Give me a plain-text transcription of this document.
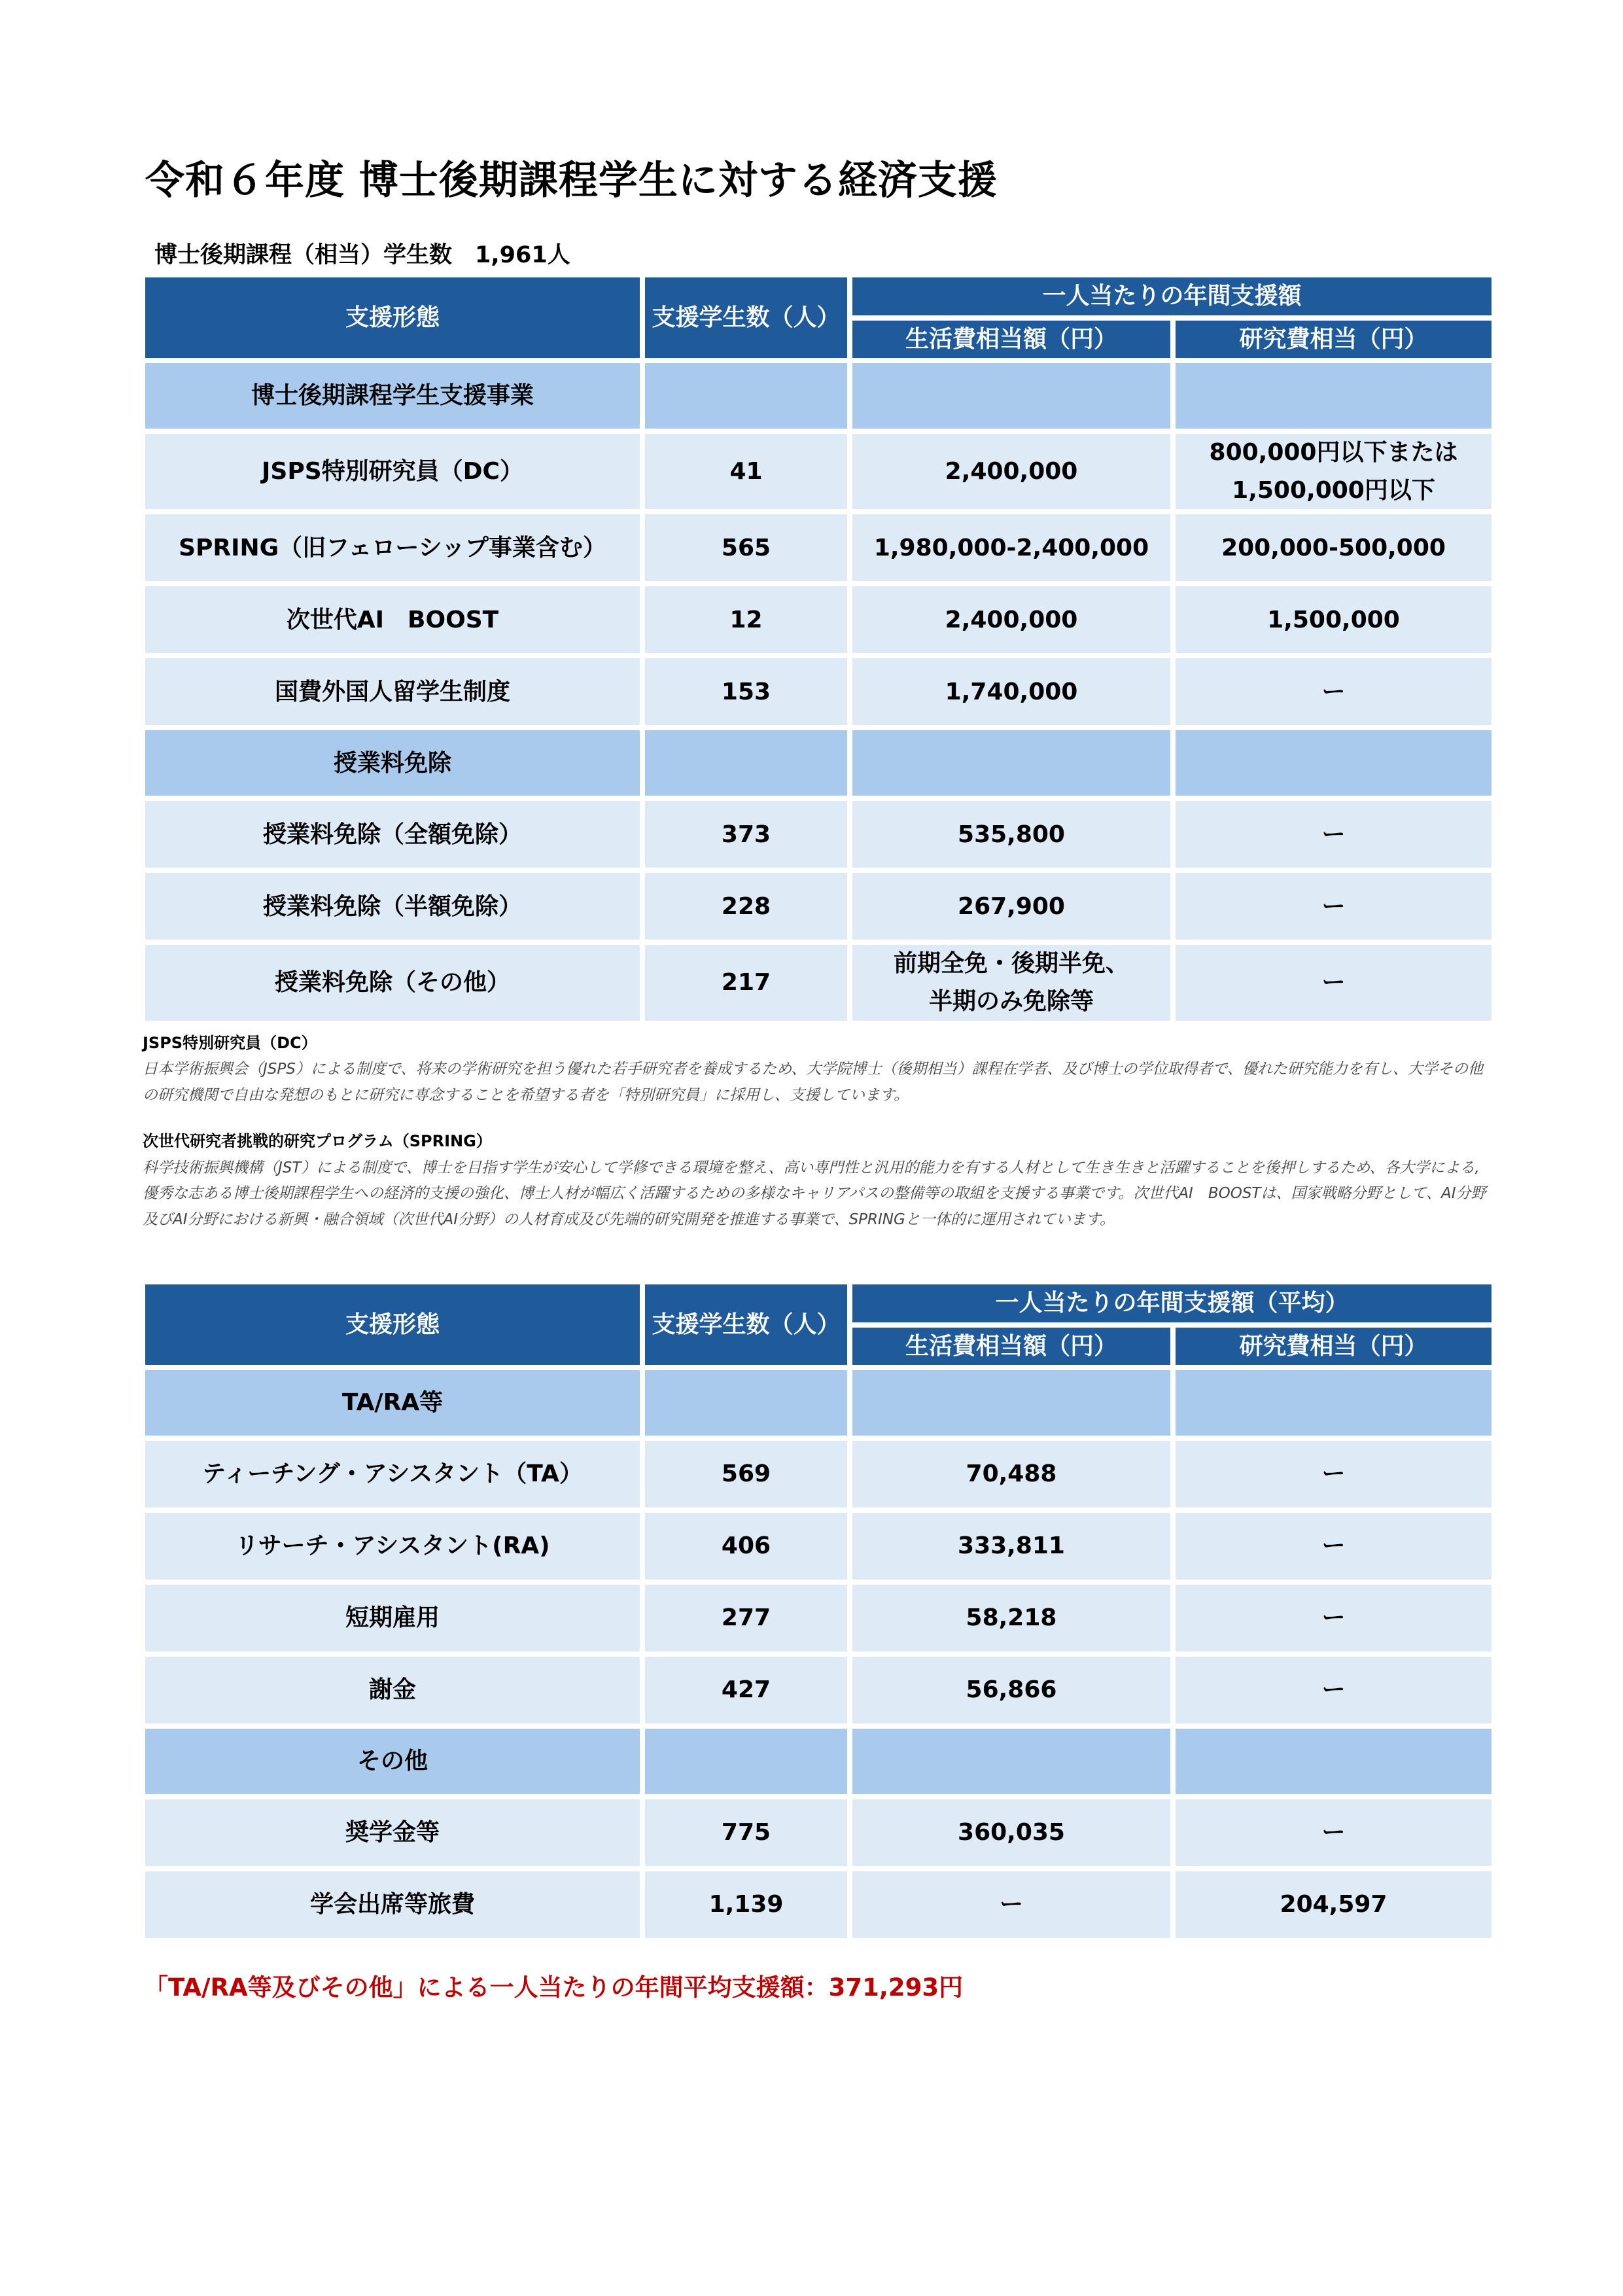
令和６年度 博士後期課程学生に対する経済支援
博士後期課程（相当）学生数　1,961人
支援形態	支援学生数（人）	一人当たりの年間支援額	
		生活費相当額（円）	研究費相当（円）
博士後期課程学生支援事業			
JSPS特別研究員（DC）	41	2,400,000	800,000円以下または
1,500,000円以下

SPRING（旧フェローシップ事業含む）	565	1,980,000-2,400,000	200,000-500,000
次世代AI　BOOST	12	2,400,000	1,500,000
国費外国人留学生制度	153	1,740,000	ー
授業料免除			
授業料免除（全額免除）	373	535,800	ー
授業料免除（半額免除）	228	267,900	ー
授業料免除（その他）	217	前期全免・後期半免、
半期のみ免除等	ー
JSPS特別研究員（DC）
日本学術振興会（JSPS）による制度で、将来の学術研究を担う優れた若手研究者を養成するため、大学院博士（後期相当）課程在学者、及び博士の学位取得者で、優れた研究能力を有し、大学その他の研究機関で自由な発想のもとに研究に専念することを希望する者を「特別研究員」に採用し、支援しています。
次世代研究者挑戦的研究プログラム（SPRING）
科学技術振興機構（JST）による制度で、博士を目指す学生が安心して学修できる環境を整え、高い専門性と汎用的能力を有する人材として生き生きと活躍することを後押しするため、各大学による,優秀な志ある博士後期課程学生への経済的支援の強化、博士人材が幅広く活躍するための多様なキャリアパスの整備等の取組を支援する事業です。次世代AI　BOOSTは、国家戦略分野として、AI分野及びAI分野における新興・融合領域（次世代AI分野）の人材育成及び先端的研究開発を推進する事業で、SPRINGと一体的に運用されています。
支援形態	支援学生数（人）	一人当たりの年間支援額（平均）	
		生活費相当額（円）	研究費相当（円）
TA/RA等			
ティーチング・アシスタント（TA）	569	70,488	ー
リサーチ・アシスタント(RA)	406	333,811	ー
短期雇用	277	58,218	ー
謝金	427	56,866	ー
その他			
奨学金等	775	360,035	ー
学会出席等旅費	1,139	ー	204,597
「TA/RA等及びその他」による一人当たりの年間平均支援額：371,293円
